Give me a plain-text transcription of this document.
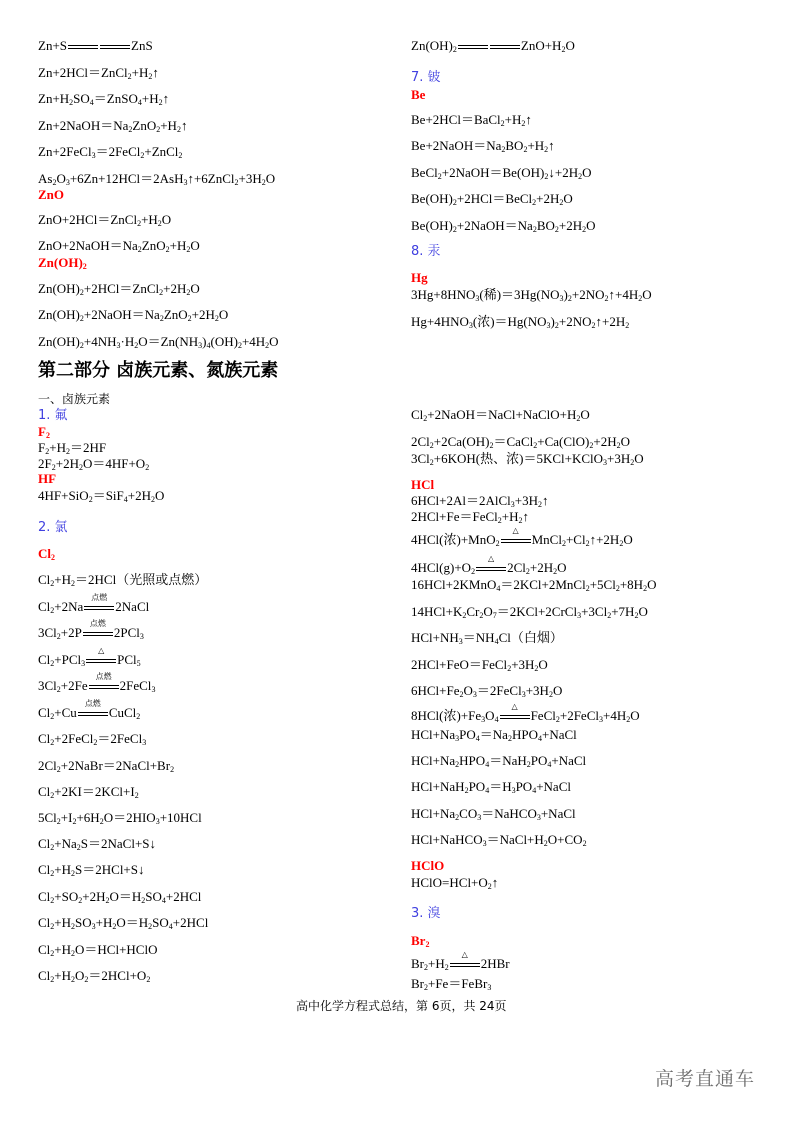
Zn+S	ZnS
$Zn+2HCl=ZnCl_2+H_2↑$
$Zn+H_2SO_4=ZnSO_4+H_2↑$
$Zn+2NaOH=Na_2ZnO_2+H_2↑$
Zn+2FeCl$_3$＝2FeCl$_2$+ZnCl$_2$
$As_2O_3+6Zn+12HCl=2AsH_3↑+6ZnCl_2+3H_2O$
ZnO
$ZnO+2HCl=ZnCl_2+H_2O$
$ZnO+2NaOH=Na_2ZnO_2+H_2O$
$Zn(OH)_2$
$Zn(OH)_2+2HCl=ZnCl_2+2H_2O$
$Zn(OH)_2+2NaOH=Na_2ZnO_2+2H_2O$
$Zn(OH)_2+4NH_3\cdot H_2O=Zn(NH_3)_4(OH)_2+4H_2O$
$Zn(OH)_2$	$ZnO+H_2O$
7. 铍
Be
$Be+2HCl=BaCl_2+H_2↑$
$Be+2NaOH=Na_2BO_2+H_2↑$
$BeCl_2+2NaOH=Be(OH)_2↓+2H_2O$
$Be(OH)_2+2HCl=BeCl_2+2H_2O$
$Be(OH)_2+2NaOH=Na_2BO_2+2H_2O$
8. 汞
Hg
$3Hg+8HNO_3$(稀)$=3Hg(NO_3)_2+2NO_2↑+4H_2O$
$Hg+4HNO_3$(浓)$=Hg(NO_3)_2+2NO_2↑+2H_2$
第二部分 卤族元素、氮族元素
一、卤族元素
1. 氟
$F_2$
$F_2+H_2=2HF$
$2F_2+2H_2O=4HF+O_2$
HF
$4HF+SiO_2=SiF_4+2H_2O$
2. 氯
$Cl_2$
$Cl_2+H_2=2HCl$（光照或点燃）
$Cl_2+2Na$
点燃
2NaCl
$3Cl_2+2P$
点燃
2PCl$_3$
$Cl_2+PCl_3$
△
PCl$_5$
$3Cl_2+2Fe$
点燃
2FeCl$_3$
$Cl_2+Cu$
点燃
CuCl$_2$
$Cl_2+2FeCl_2=2FeCl_3$
$2Cl_2+2NaBr=2NaCl+Br_2$
$Cl_2+2KI=2KCl+I_2$
$5Cl_2+I_2+6H_2O=2HIO_3+10HCl$
$Cl_2+Na_2S=2NaCl+S↓$
$Cl_2+H_2S=2HCl+S↓$
$Cl_2+SO_2+2H_2O=H_2SO_4+2HCl$
$Cl_2+H_2SO_3+H_2O=H_2SO_4+2HCl$
$Cl_2+H_2O=HCl+HClO$
$Cl_2+H_2O_2=2HCl+O_2$
$Cl_2+2NaOH=NaCl+NaClO+H_2O$
$2Cl_2+2Ca(OH)_2=CaCl_2+Ca(ClO)_2+2H_2O$
$3Cl_2+6KOH$(热、浓)$=5KCl+KClO_3+3H_2O$
HCl
$6HCl+2Al=2AlCl_3+3H_2↑$
$2HCl+Fe=FeCl_2+H_2↑$
4HCl(浓)+MnO$_2$
△
$MnCl_2+Cl_2↑+2H_2O$
$4HCl(g)+O_2$
△
$2Cl_2+2H_2O$
$16HCl+2KMnO_4=2KCl+2MnCl_2+5Cl_2+8H_2O$
$14HCl+K_2Cr_2O_7=2KCl+2CrCl_3+3Cl_2+7H_2O$
$HCl+NH_3=NH_4Cl$（白烟）
$2HCl+FeO=FeCl_2+3H_2O$
$6HCl+Fe_2O_3=2FeCl_3+3H_2O$
8HCl(浓)$+Fe_3O_4$
△
$FeCl_2+2FeCl_3+4H_2O$
$HCl+Na_3PO_4=Na_2HPO_4+NaCl$
$HCl+Na_2HPO_4=NaH_2PO_4+NaCl$
$HCl+NaH_2PO_4=H_3PO_4+NaCl$
$HCl+Na_2CO_3=NaHCO_3+NaCl$
$HCl+NaHCO_3=NaCl+H_2O+CO_2$
HClO
$HClO=HCl+O_2↑$
3. 溴
$Br_2$
$Br_2+H_2$
△
2HBr
$Br_2+Fe=FeBr_3$
高中化学方程式总结，第 6页，共 24页
高考直通车
